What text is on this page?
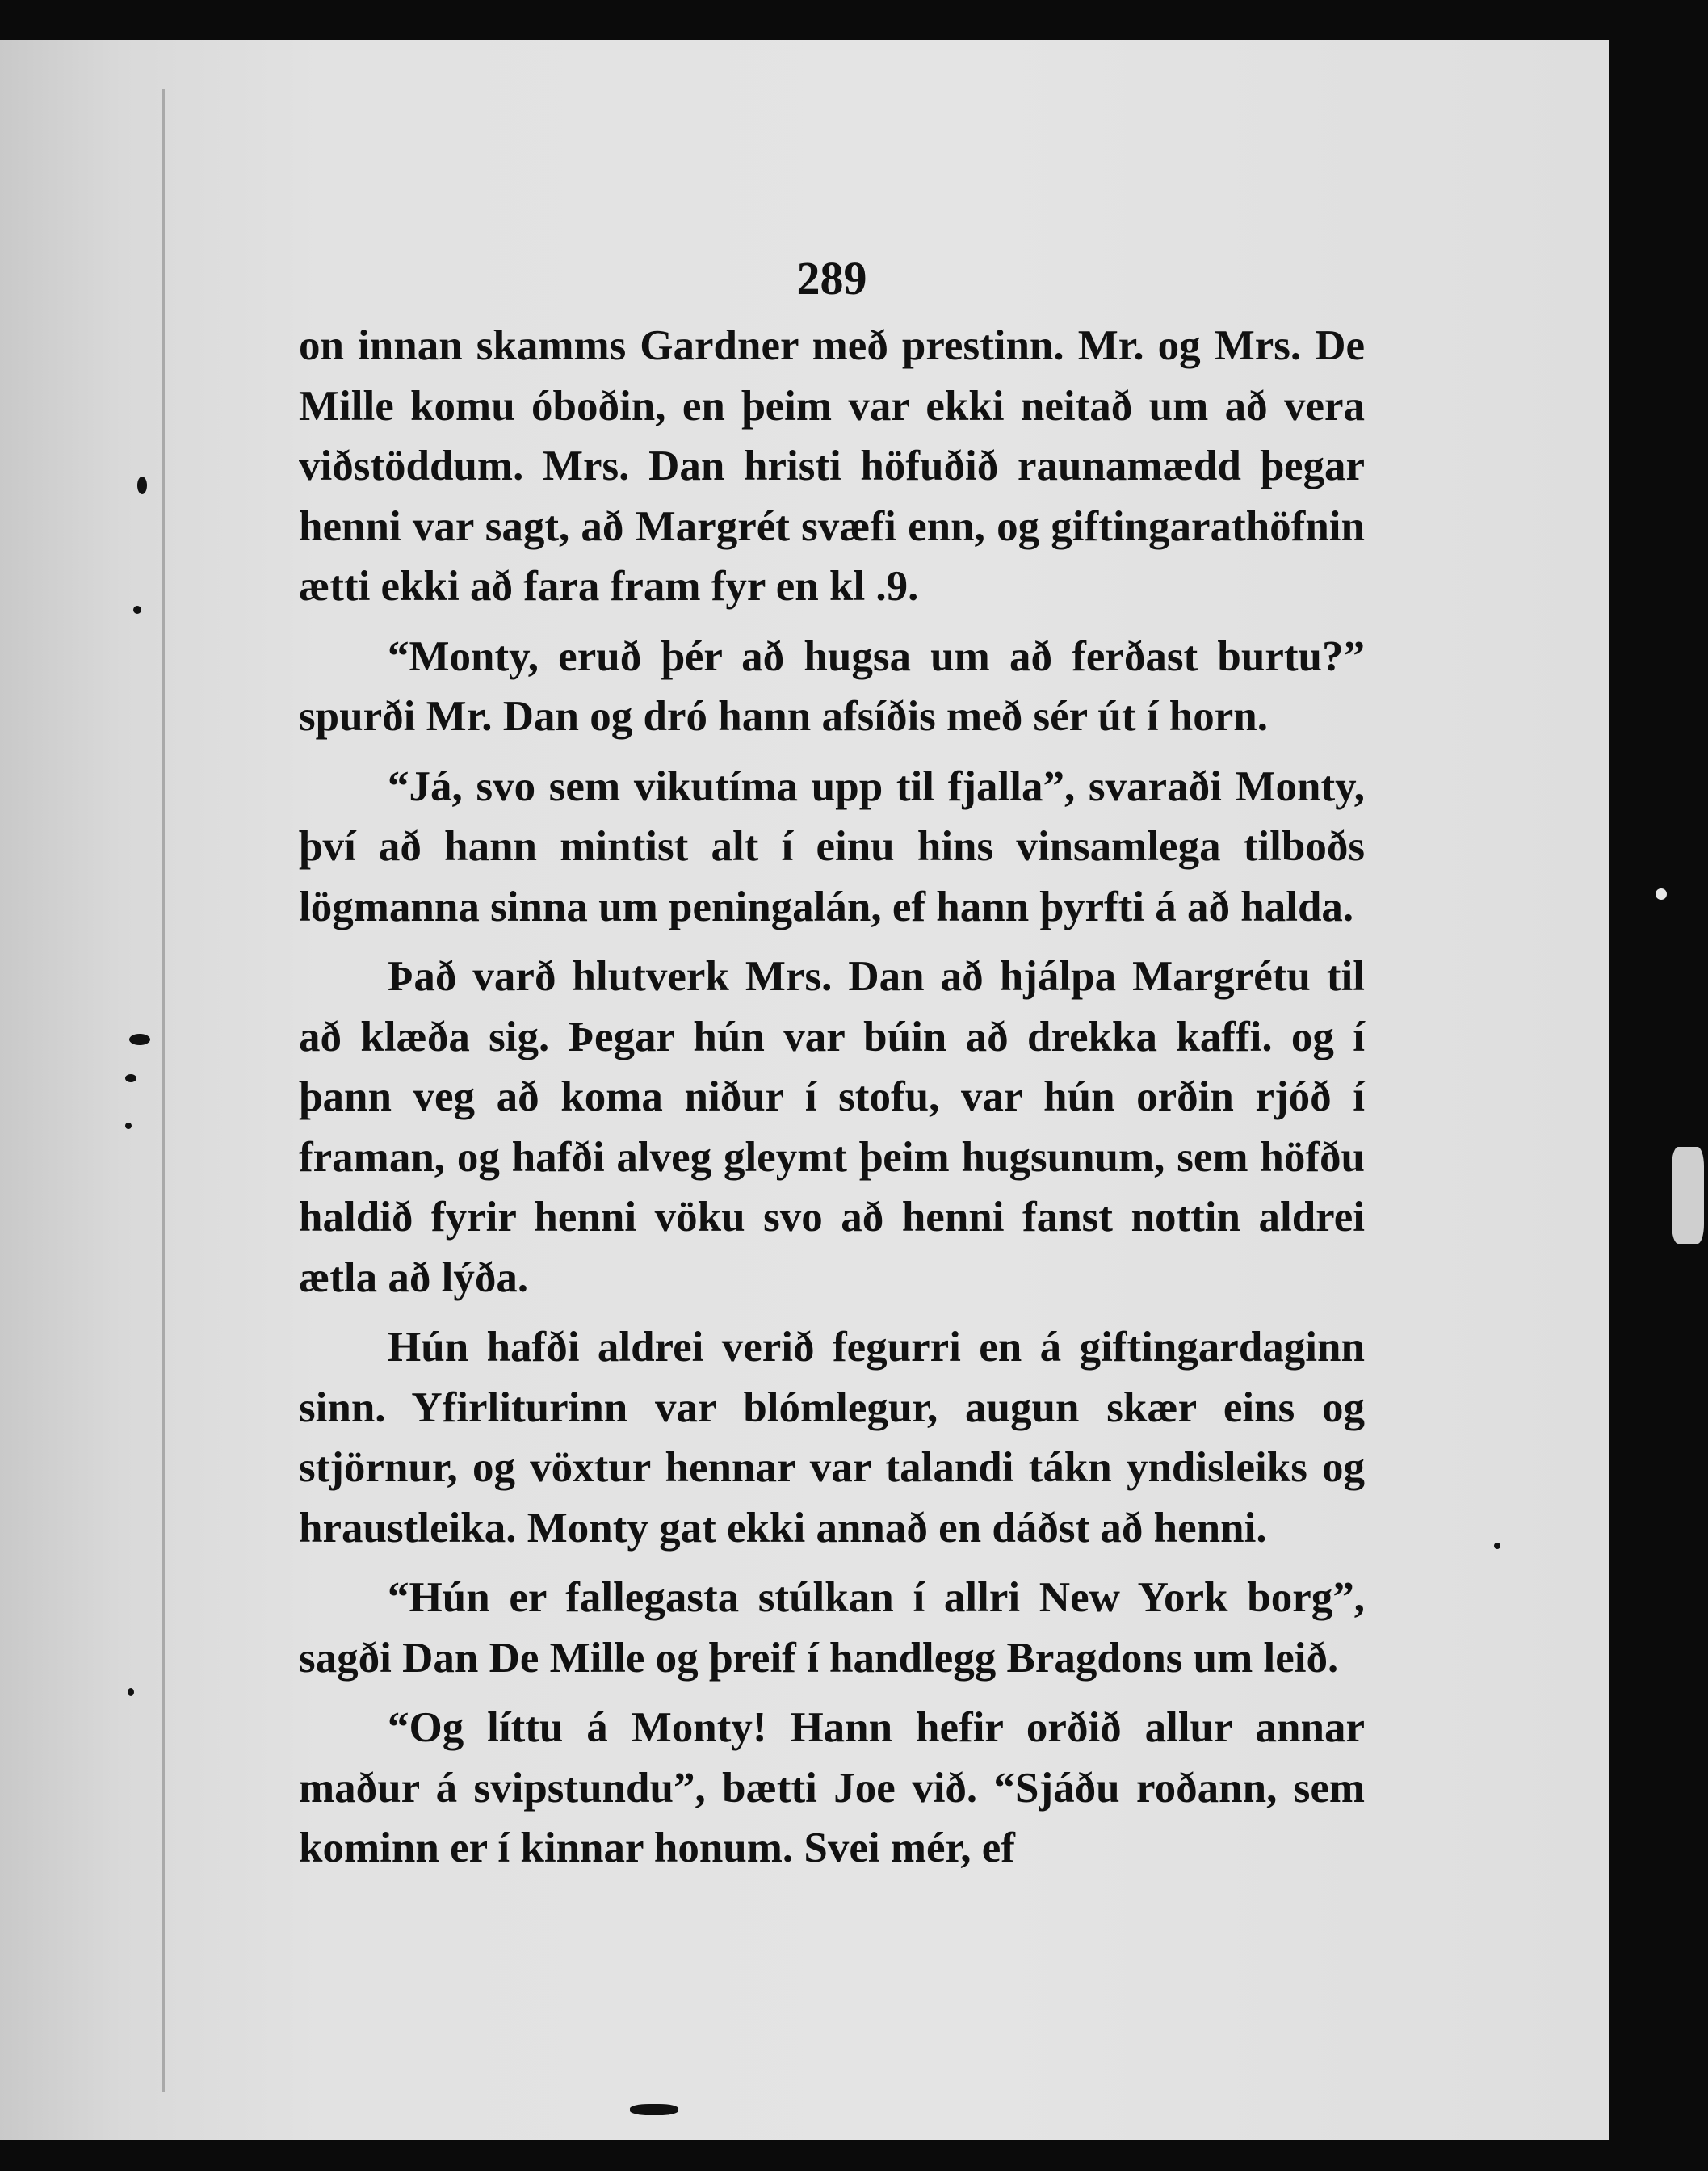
289

on innan skamms Gardner með prestinn. Mr. og Mrs. De Mille komu óboðin, en þeim var ekki neitað um að vera viðstöddum. Mrs. Dan hristi höfuðið raunamædd þegar henni var sagt, að Margrét svæfi enn, og giftingarathöfnin ætti ekki að fara fram fyr en kl .9.

“Monty, eruð þér að hugsa um að ferðast burtu?” spurði Mr. Dan og dró hann afsíðis með sér út í horn.

“Já, svo sem vikutíma upp til fjalla”, svaraði Monty, því að hann mintist alt í einu hins vinsamlega tilboðs lögmanna sinna um peningalán, ef hann þyrfti á að halda.

Það varð hlutverk Mrs. Dan að hjálpa Margrétu til að klæða sig. Þegar hún var búin að drekka kaffi. og í þann veg að koma niður í stofu, var hún orðin rjóð í framan, og hafði alveg gleymt þeim hugsunum, sem höfðu haldið fyrir henni vöku svo að henni fanst nottin aldrei ætla að lýða.

Hún hafði aldrei verið fegurri en á giftingardaginn sinn. Yfirliturinn var blómlegur, augun skær eins og stjörnur, og vöxtur hennar var talandi tákn yndisleiks og hraustleika. Monty gat ekki annað en dáðst að henni.

“Hún er fallegasta stúlkan í allri New York borg”, sagði Dan De Mille og þreif í handlegg Bragdons um leið.

“Og líttu á Monty! Hann hefir orðið allur annar maður á svipstundu”, bætti Joe við. “Sjáðu roðann, sem kominn er í kinnar honum. Svei mér, ef
